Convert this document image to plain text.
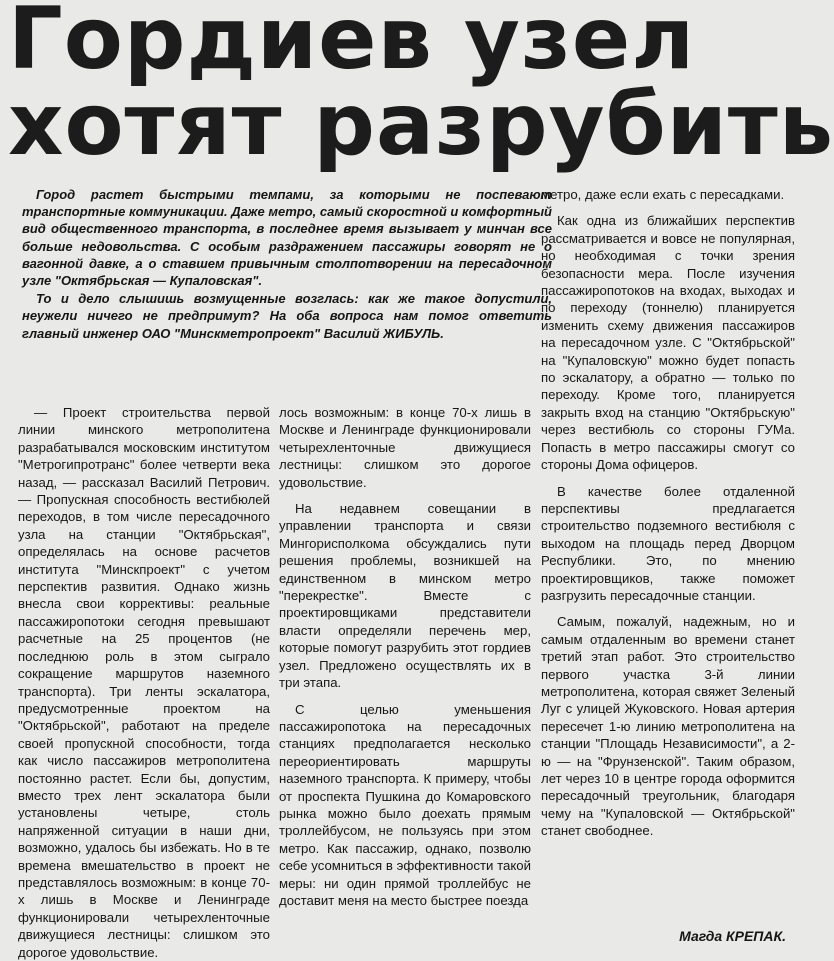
Гордиев узел
хотят разрубить

Город растет быстрыми темпами, за которыми не поспевают транспортные коммуникации. Даже метро, самый скоростной и комфортный вид общественного транспорта, в последнее время вызывает у минчан все больше недовольства. С особым раздражением пассажиры говорят не о вагонной давке, а о ставшем привычным столпотворении на пересадочном узле "Октябрьская — Купаловская".

То и дело слышишь возмущенные возглась: как же такое допустили, неужели ничего не предпримут? На оба вопроса нам помог ответить главный инженер ОАО "Минскметропроект" Василий ЖИБУЛЬ.

— Проект строительства первой линии минского метрополитена разрабатывался московским институтом "Метрогипротранс" более четверти века назад, — рассказал Василий Петрович. — Пропускная способность вестибюлей переходов, в том числе пересадочного узла на станции "Октябрьская", определялась на основе расчетов института "Минскпроект" с учетом перспектив развития. Однако жизнь внесла свои коррективы: реальные пассажиропотоки сегодня превышают расчетные на 25 процентов (не последнюю роль в этом сыграло сокращение маршрутов наземного транспорта). Три ленты эскалатора, предусмотренные проектом на "Октябрьской", работают на пределе своей пропускной способности, тогда как число пассажиров метрополитена постоянно растет. Если бы, допустим, вместо трех лент эскалатора были установлены четыре, столь напряженной ситуации в наши дни, возможно, удалось бы избежать. Но в те времена вмешательство в проект не представлялось возможным: в конце 70-х лишь в Москве и Ленинграде функционировали четырехленточные движущиеся лестницы: слишком это дорогое удовольствие.

лось возможным: в конце 70-х лишь в Москве и Ленинграде функционировали четырехленточные движущиеся лестницы: слишком это дорогое удовольствие.

На недавнем совещании в управлении транспорта и связи Мингорисполкома обсуждались пути решения проблемы, возникшей на единственном в минском метро "перекрестке". Вместе с проектировщиками представители власти определяли перечень мер, которые помогут разрубить этот гордиев узел. Предложено осуществлять их в три этапа.

С целью уменьшения пассажиропотока на пересадочных станциях предполагается несколько переориентировать маршруты наземного транспорта. К примеру, чтобы от проспекта Пушкина до Комаровского рынка можно было доехать прямым троллейбусом, не пользуясь при этом метро. Как пассажир, однако, позволю себе усомниться в эффективности такой меры: ни один прямой троллейбус не доставит меня на место быстрее поезда

метро, даже если ехать с пересадками.

Как одна из ближайших перспектив рассматривается и вовсе не популярная, но необходимая с точки зрения безопасности мера. После изучения пассажиропотоков на входах, выходах и по переходу (тоннелю) планируется изменить схему движения пассажиров на пересадочном узле. С "Октябрьской" на "Купаловскую" можно будет попасть по эскалатору, а обратно — только по переходу. Кроме того, планируется закрыть вход на станцию "Октябрьскую" через вестибюль со стороны ГУМа. Попасть в метро пассажиры смогут со стороны Дома офицеров.

В качестве более отдаленной перспективы предлагается строительство подземного вестибюля с выходом на площадь перед Дворцом Республики. Это, по мнению проектировщиков, также поможет разгрузить пересадочные станции.

Самым, пожалуй, надежным, но и самым отдаленным во времени станет третий этап работ. Это строительство первого участка 3-й линии метрополитена, которая свяжет Зеленый Луг с улицей Жуковского. Новая артерия пересечет 1-ю линию метрополитена на станции "Площадь Независимости", а 2-ю — на "Фрунзенской". Таким образом, лет через 10 в центре города оформится пересадочный треугольник, благодаря чему на "Купаловской — Октябрьской" станет свободнее.

Магда КРЕПАК.
